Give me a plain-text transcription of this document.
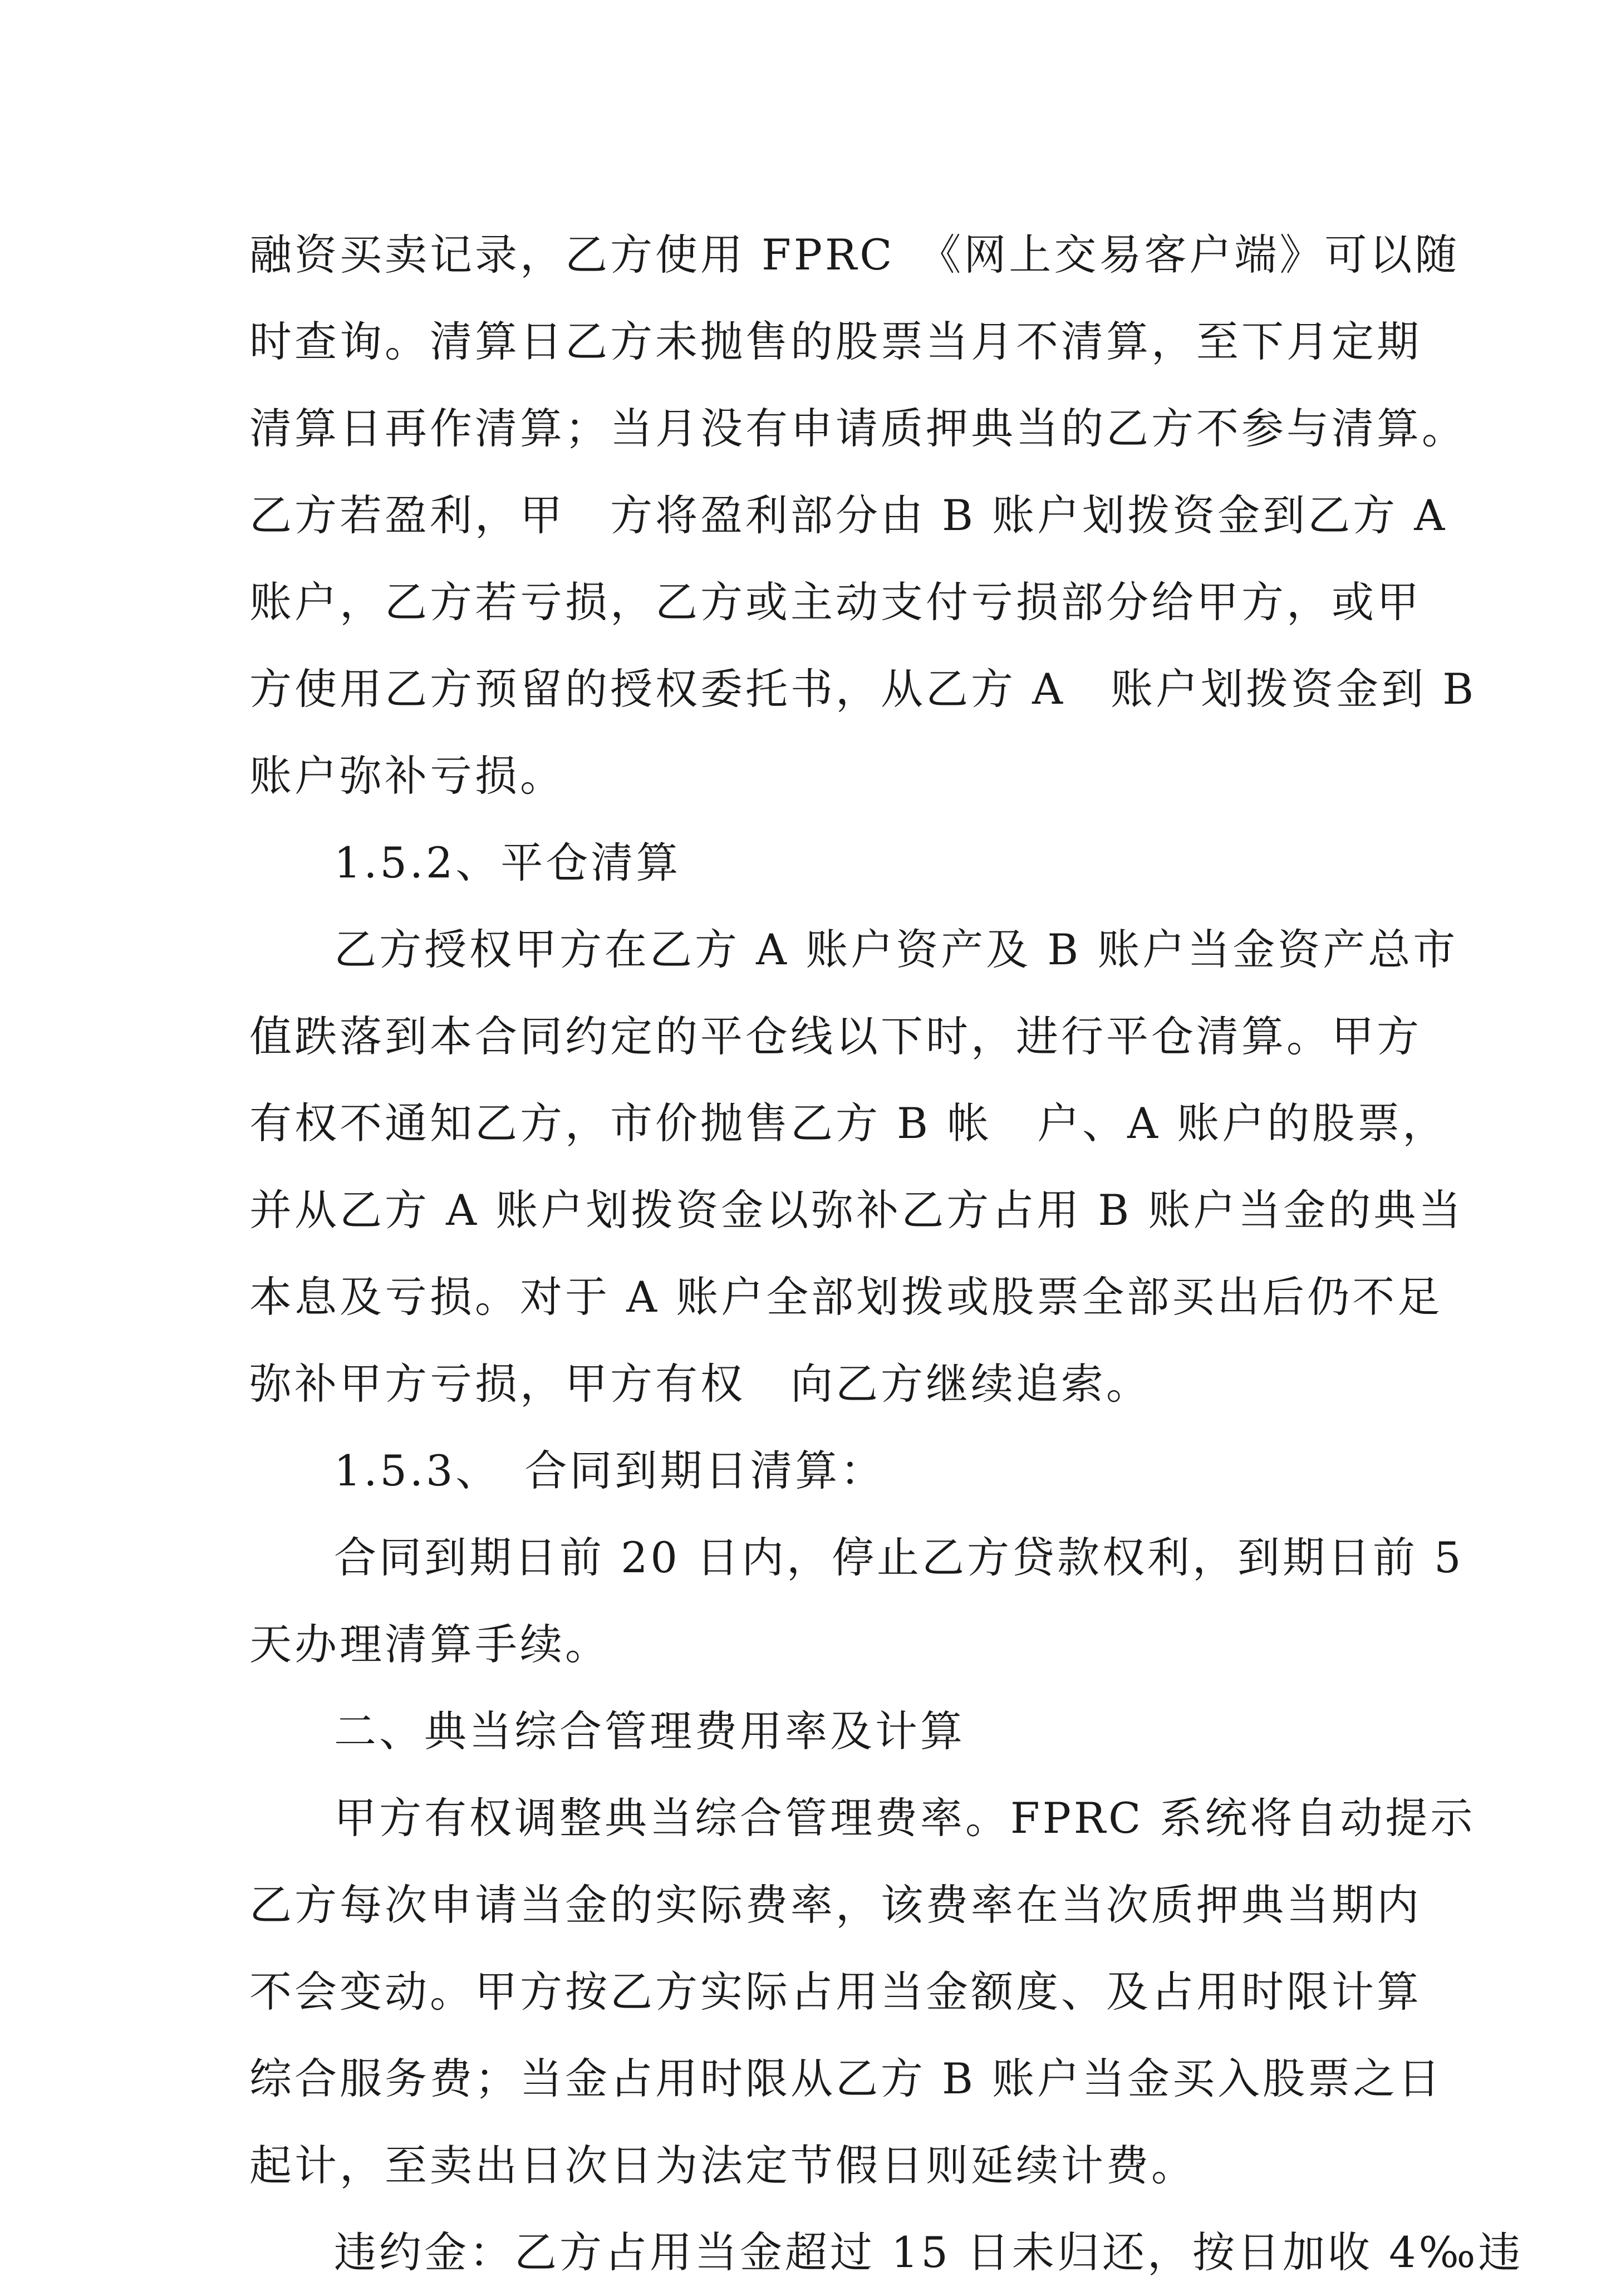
融资买卖记录，乙方使用 FPRC　《网上交易客户端》可以随
时查询。清算日乙方未抛售的股票当月不清算，至下月定期
清算日再作清算；当月没有申请质押典当的乙方不参与清算。
乙方若盈利，甲　方将盈利部分由 B 账户划拨资金到乙方 A
账户，乙方若亏损，乙方或主动支付亏损部分给甲方，或甲
方使用乙方预留的授权委托书，从乙方 A　账户划拨资金到 B
账户弥补亏损。
1.5.2、平仓清算
乙方授权甲方在乙方 A 账户资产及 B 账户当金资产总市
值跌落到本合同约定的平仓线以下时，进行平仓清算。甲方
有权不通知乙方，市价抛售乙方 B 帐　户、A 账户的股票，
并从乙方 A 账户划拨资金以弥补乙方占用 B 账户当金的典当
本息及亏损。对于 A 账户全部划拨或股票全部买出后仍不足
弥补甲方亏损，甲方有权　向乙方继续追索。
1.5.3、　合同到期日清算：
合同到期日前 20 日内，停止乙方贷款权利，到期日前 5
天办理清算手续。
二、典当综合管理费用率及计算
甲方有权调整典当综合管理费率。FPRC 系统将自动提示
乙方每次申请当金的实际费率，该费率在当次质押典当期内
不会变动。甲方按乙方实际占用当金额度、及占用时限计算
综合服务费；当金占用时限从乙方 B 账户当金买入股票之日
起计，至卖出日次日为法定节假日则延续计费。
违约金：乙方占用当金超过 15 日未归还，按日加收 4‰违
